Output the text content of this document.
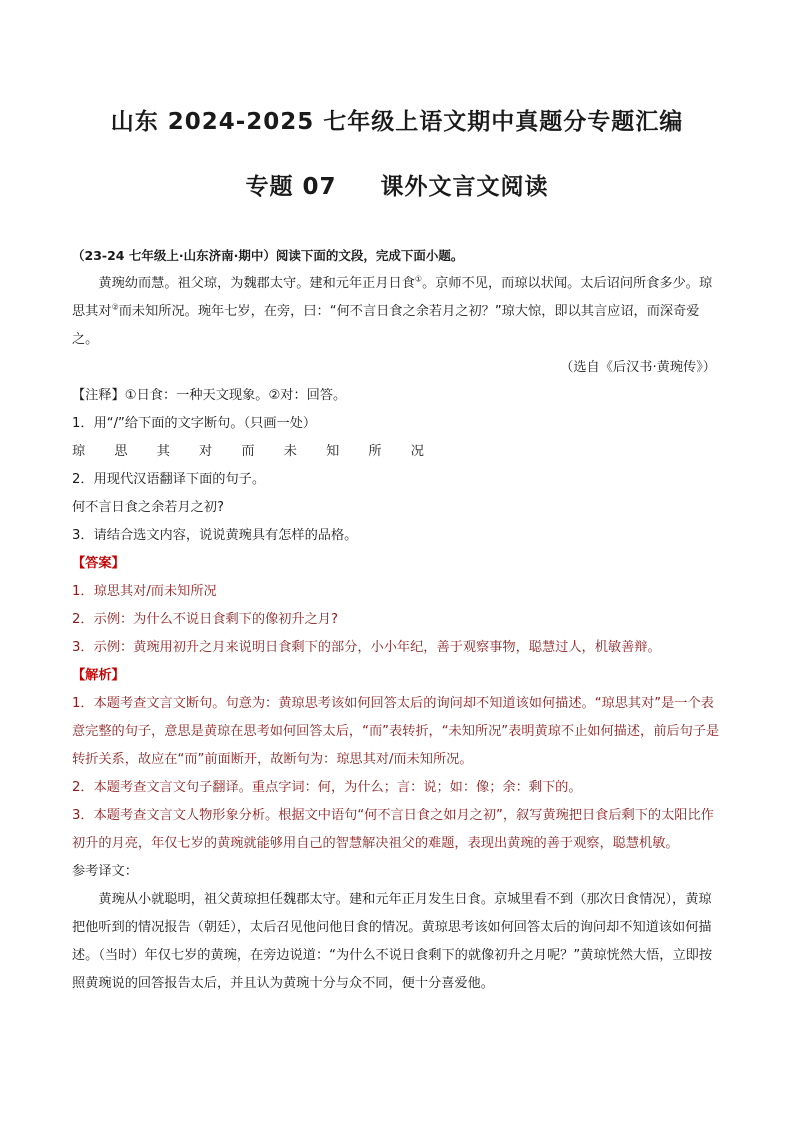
山东 2024-2025 七年级上语文期中真题分专题汇编
专题 07 课外文言文阅读

（23-24 七年级上·山东济南·期中）阅读下面的文段，完成下面小题。

黄琬幼而慧。祖父琼，为魏郡太守。建和元年正月日食①。京师不见，而琼以状闻。太后诏问所食多少。琼思其对②而未知所况。琬年七岁，在旁，曰：“何不言日食之余若月之初？”琼大惊，即以其言应诏，而深奇爱之。

（选自《后汉书·黄琬传》）

【注释】①日食：一种天文现象。②对：回答。

1．用“/”给下面的文字断句。（只画一处）

琼 思 其 对 而 未 知 所 况

2．用现代汉语翻译下面的句子。

何不言日食之余若月之初?

3．请结合选文内容，说说黄琬具有怎样的品格。

【答案】

1．琼思其对/而未知所况

2．示例：为什么不说日食剩下的像初升之月?

3．示例：黄琬用初升之月来说明日食剩下的部分，小小年纪，善于观察事物，聪慧过人，机敏善辩。

【解析】

1．本题考查文言文断句。句意为：黄琼思考该如何回答太后的询问却不知道该如何描述。“琼思其对”是一个表意完整的句子，意思是黄琼在思考如何回答太后，“而”表转折，“未知所况”表明黄琼不止如何描述，前后句子是转折关系，故应在“而”前面断开，故断句为：琼思其对/而未知所况。

2．本题考查文言文句子翻译。重点字词：何，为什么；言：说；如：像；余：剩下的。

3．本题考查文言文人物形象分析。根据文中语句“何不言日食之如月之初”，叙写黄琬把日食后剩下的太阳比作初升的月亮，年仅七岁的黄琬就能够用自己的智慧解决祖父的难题，表现出黄琬的善于观察，聪慧机敏。

参考译文：

黄琬从小就聪明，祖父黄琼担任魏郡太守。建和元年正月发生日食。京城里看不到（那次日食情况），黄琼把他听到的情况报告（朝廷），太后召见他问他日食的情况。黄琼思考该如何回答太后的询问却不知道该如何描述。（当时）年仅七岁的黄琬，在旁边说道：“为什么不说日食剩下的就像初升之月呢？”黄琼恍然大悟，立即按照黄琬说的回答报告太后，并且认为黄琬十分与众不同，便十分喜爱他。
